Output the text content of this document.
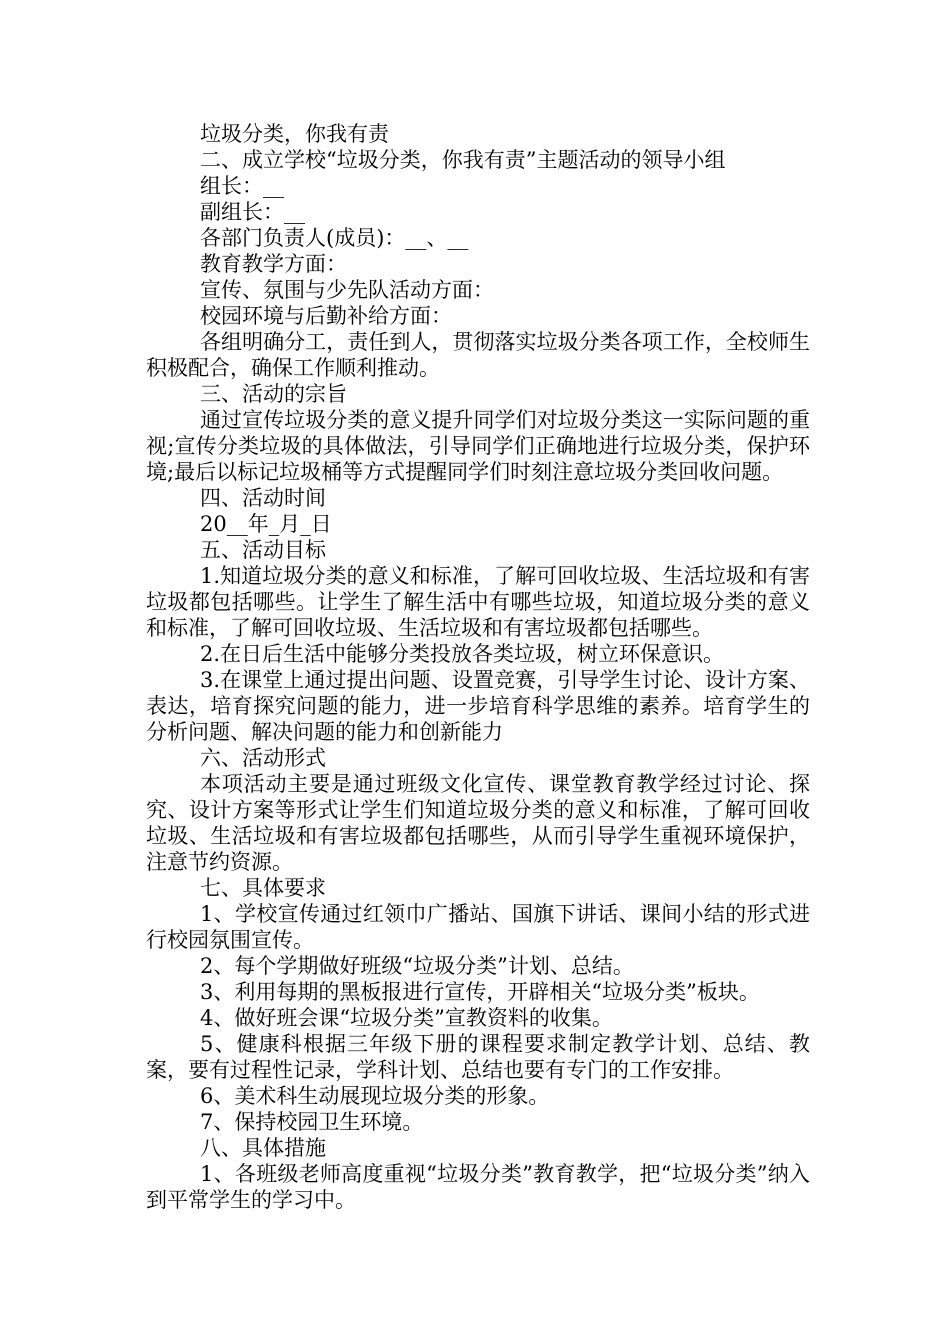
垃圾分类，你我有责

二、成立学校“垃圾分类，你我有责”主题活动的领导小组

组长：__

副组长：__

各部门负责人(成员)：__、__

教育教学方面：

宣传、氛围与少先队活动方面：

校园环境与后勤补给方面：

各组明确分工，责任到人，贯彻落实垃圾分类各项工作，全校师生积极配合，确保工作顺利推动。

三、活动的宗旨

通过宣传垃圾分类的意义提升同学们对垃圾分类这一实际问题的重视;宣传分类垃圾的具体做法，引导同学们正确地进行垃圾分类，保护环境;最后以标记垃圾桶等方式提醒同学们时刻注意垃圾分类回收问题。

四、活动时间

20__年_月_日

五、活动目标

1.知道垃圾分类的意义和标准，了解可回收垃圾、生活垃圾和有害垃圾都包括哪些。让学生了解生活中有哪些垃圾，知道垃圾分类的意义和标准，了解可回收垃圾、生活垃圾和有害垃圾都包括哪些。

2.在日后生活中能够分类投放各类垃圾，树立环保意识。

3.在课堂上通过提出问题、设置竞赛，引导学生讨论、设计方案、表达，培育探究问题的能力，进一步培育科学思维的素养。培育学生的分析问题、解决问题的能力和创新能力

六、活动形式

本项活动主要是通过班级文化宣传、课堂教育教学经过讨论、探究、设计方案等形式让学生们知道垃圾分类的意义和标准，了解可回收垃圾、生活垃圾和有害垃圾都包括哪些，从而引导学生重视环境保护，注意节约资源。

七、具体要求

1、学校宣传通过红领巾广播站、国旗下讲话、课间小结的形式进行校园氛围宣传。

2、每个学期做好班级“垃圾分类”计划、总结。

3、利用每期的黑板报进行宣传，开辟相关“垃圾分类”板块。

4、做好班会课“垃圾分类”宣教资料的收集。

5、健康科根据三年级下册的课程要求制定教学计划、总结、教案，要有过程性记录，学科计划、总结也要有专门的工作安排。

6、美术科生动展现垃圾分类的形象。

7、保持校园卫生环境。

八、具体措施

1、各班级老师高度重视“垃圾分类”教育教学，把“垃圾分类”纳入到平常学生的学习中。
